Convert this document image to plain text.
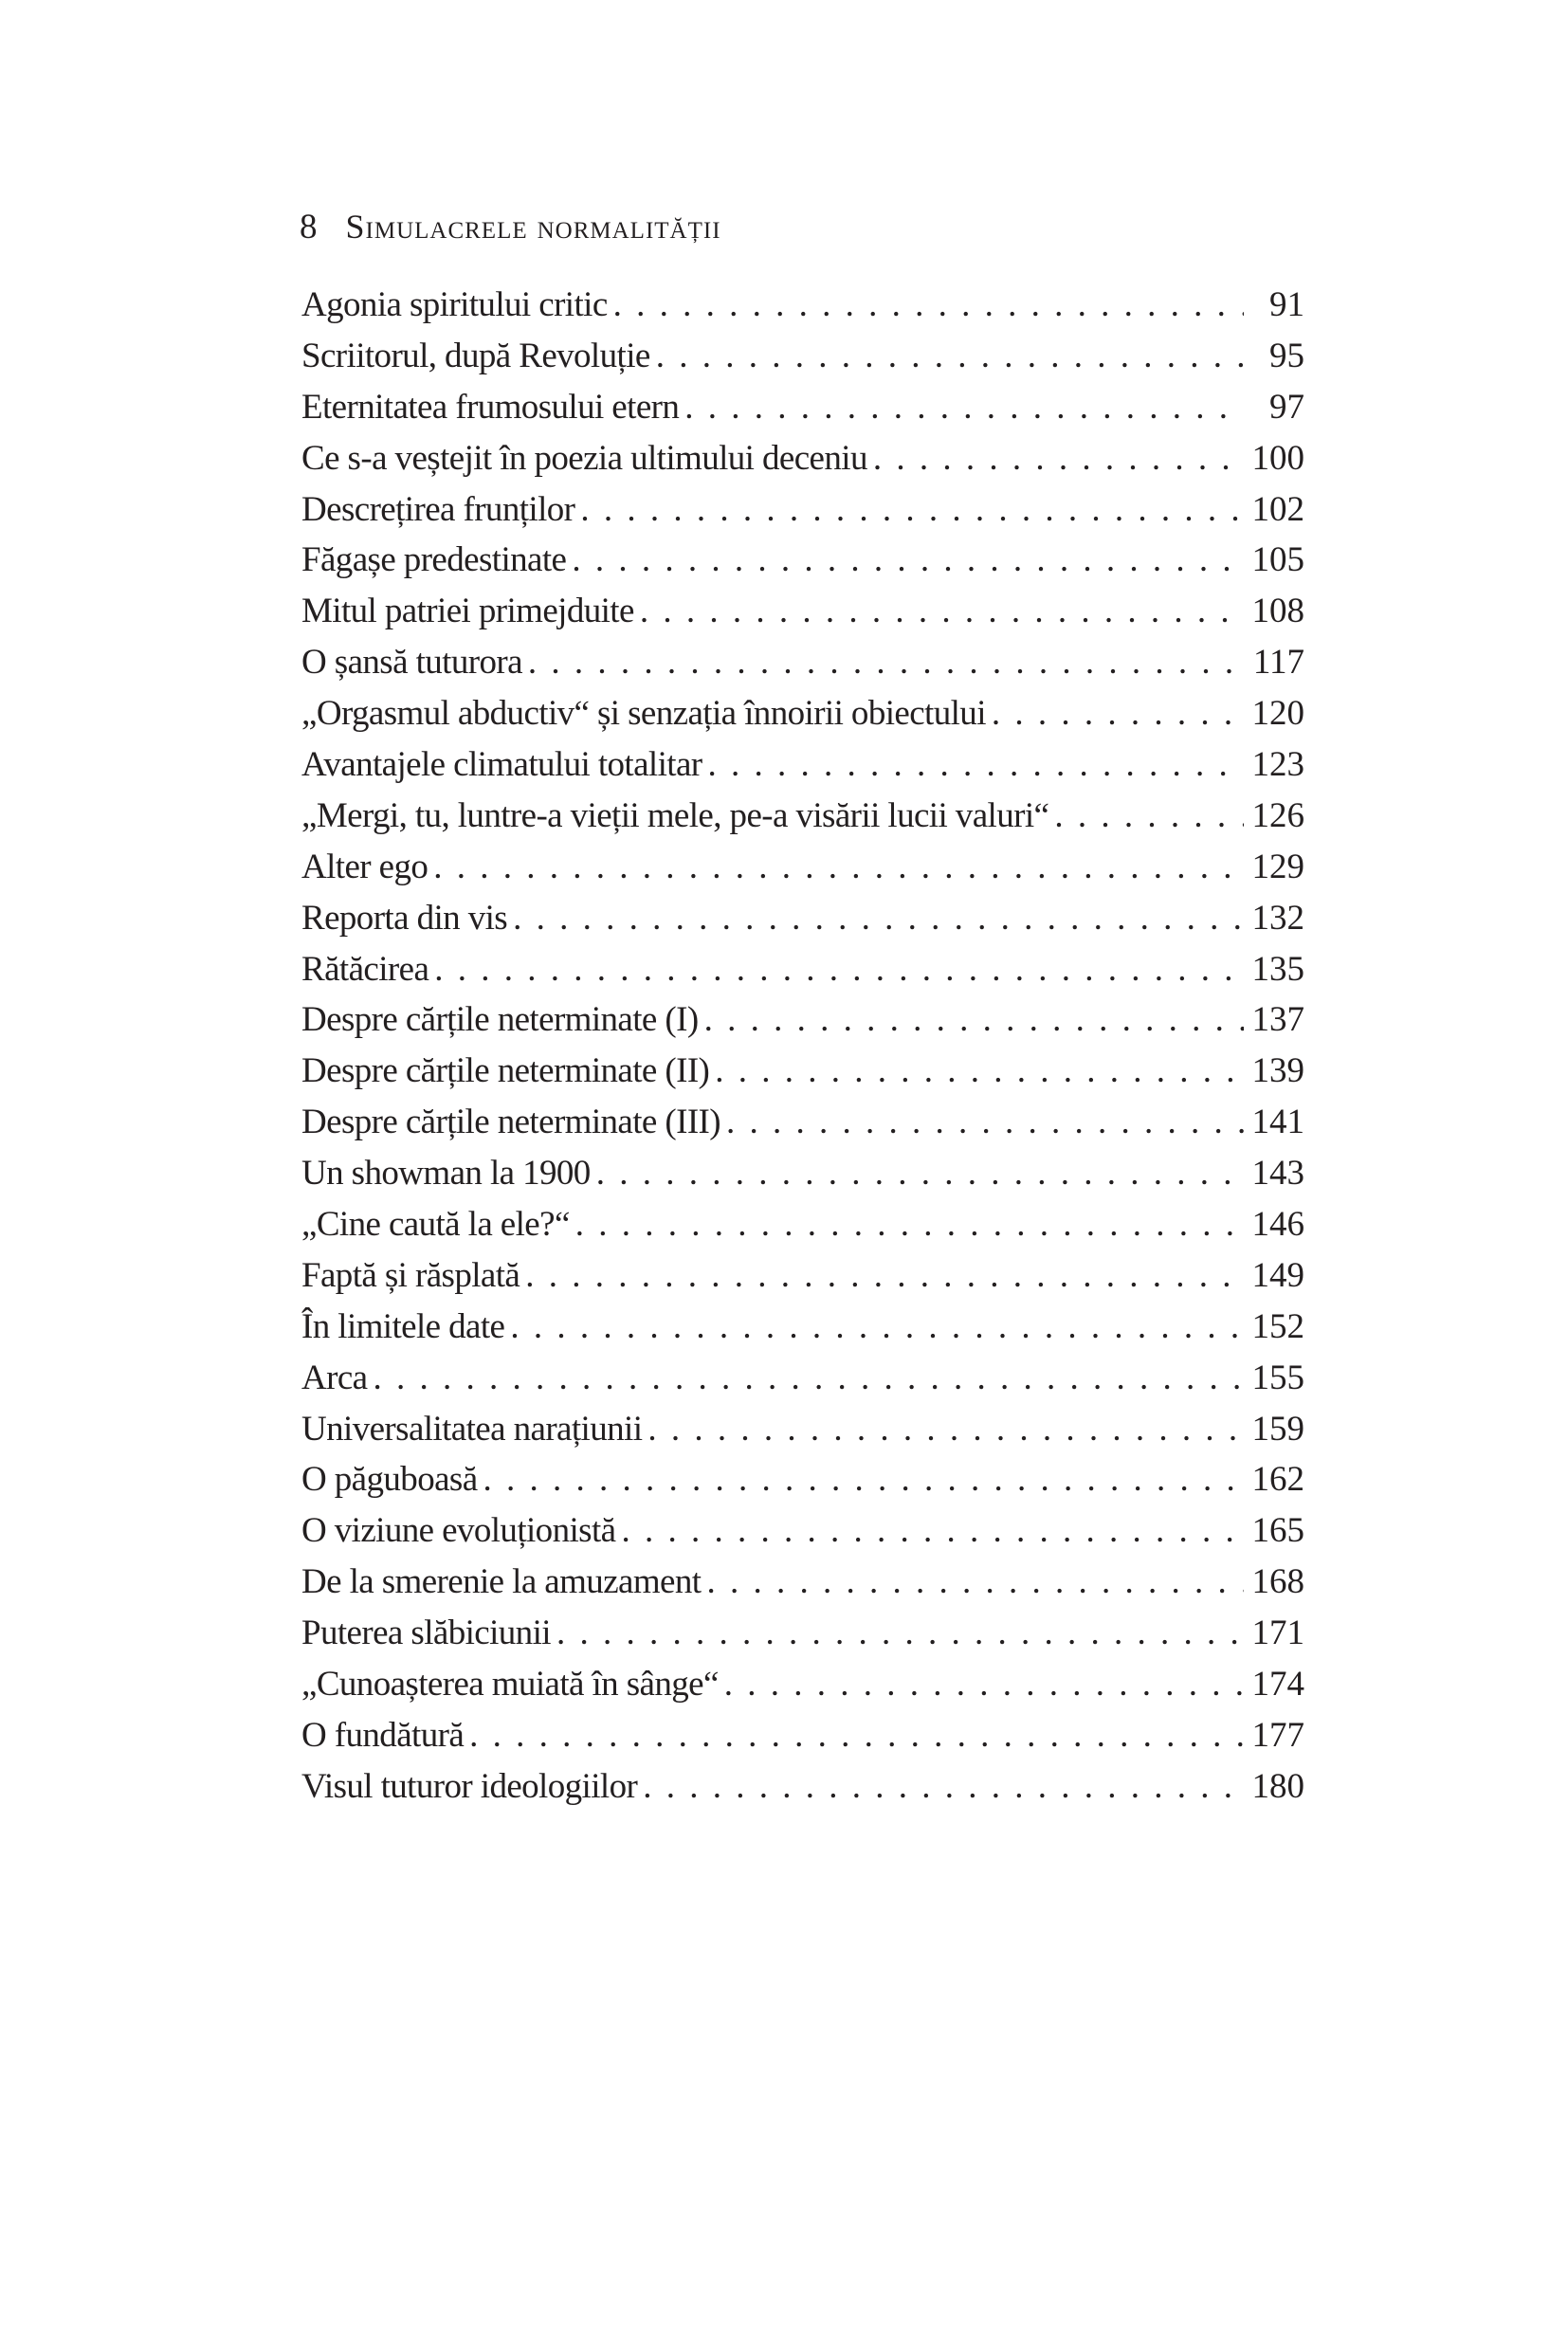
8 Simulacrele normalității
Agonia spiritului critic . . .	91
Scriitorul, după Revoluție . . .	95
Eternitatea frumosului etern . . .	97
Ce s-a veștejit în poezia ultimului deceniu . . .	100
Descrețirea frunților . . .	102
Făgașe predestinate . . .	105
Mitul patriei primejduite . . .	108
O șansă tuturora . . .	117
„Orgasmul abductiv“ și senzația înnoirii obiectului . . .	120
Avantajele climatului totalitar . . .	123
„Mergi, tu, luntre-a vieții mele, pe-a visării lucii valuri“ . . .	126
Alter ego . . .	129
Reporta din vis . . .	132
Rătăcirea . . .	135
Despre cărțile neterminate (I) . . .	137
Despre cărțile neterminate (II) . . .	139
Despre cărțile neterminate (III) . . .	141
Un showman la 1900 . . .	143
„Cine caută la ele?“ . . .	146
Faptă și răsplată . . .	149
În limitele date . . .	152
Arca . . .	155
Universalitatea narațiunii . . .	159
O păguboasă . . .	162
O viziune evoluționistă . . .	165
De la smerenie la amuzament . . .	168
Puterea slăbiciunii . . .	171
„Cunoașterea muiată în sânge“ . . .	174
O fundătură . . .	177
Visul tuturor ideologiilor . . .	180
